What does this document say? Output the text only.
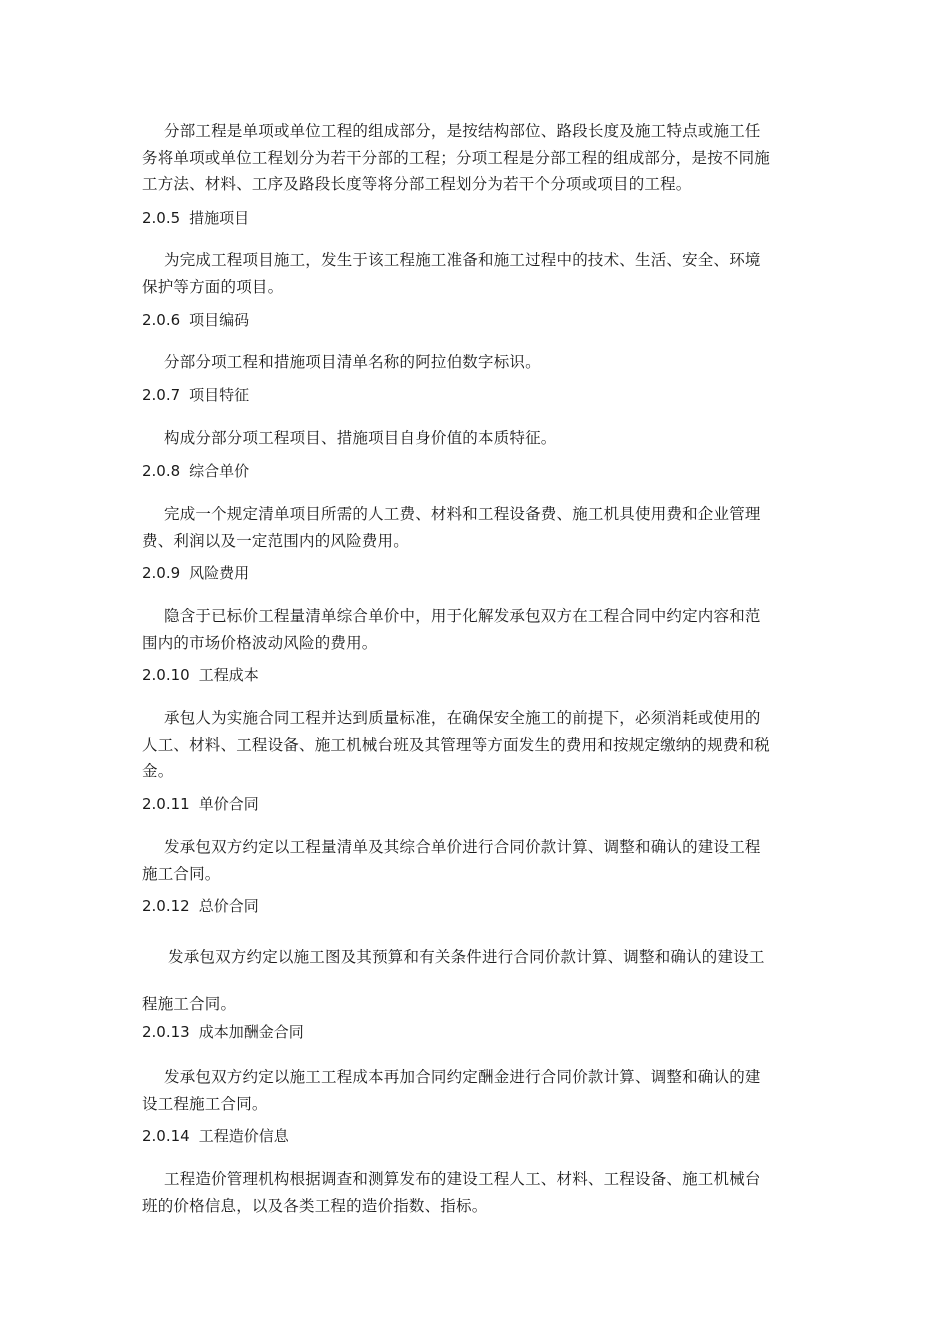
分部工程是单项或单位工程的组成部分，是按结构部位、路段长度及施工特点或施工任
务将单项或单位工程划分为若干分部的工程；分项工程是分部工程的组成部分，是按不同施
工方法、材料、工序及路段长度等将分部工程划分为若干个分项或项目的工程。

2.0.5 措施项目

为完成工程项目施工，发生于该工程施工准备和施工过程中的技术、生活、安全、环境
保护等方面的项目。

2.0.6 项目编码

分部分项工程和措施项目清单名称的阿拉伯数字标识。

2.0.7 项目特征

构成分部分项工程项目、措施项目自身价值的本质特征。

2.0.8 综合单价

完成一个规定清单项目所需的人工费、材料和工程设备费、施工机具使用费和企业管理
费、利润以及一定范围内的风险费用。

2.0.9 风险费用

隐含于已标价工程量清单综合单价中，用于化解发承包双方在工程合同中约定内容和范
围内的市场价格波动风险的费用。

2.0.10 工程成本

承包人为实施合同工程并达到质量标准，在确保安全施工的前提下，必须消耗或使用的
人工、材料、工程设备、施工机械台班及其管理等方面发生的费用和按规定缴纳的规费和税
金。

2.0.11 单价合同

发承包双方约定以工程量清单及其综合单价进行合同价款计算、调整和确认的建设工程
施工合同。

2.0.12 总价合同

发承包双方约定以施工图及其预算和有关条件进行合同价款计算、调整和确认的建设工
程施工合同。

2.0.13 成本加酬金合同

发承包双方约定以施工工程成本再加合同约定酬金进行合同价款计算、调整和确认的建
设工程施工合同。

2.0.14 工程造价信息

工程造价管理机构根据调查和测算发布的建设工程人工、材料、工程设备、施工机械台
班的价格信息，以及各类工程的造价指数、指标。
